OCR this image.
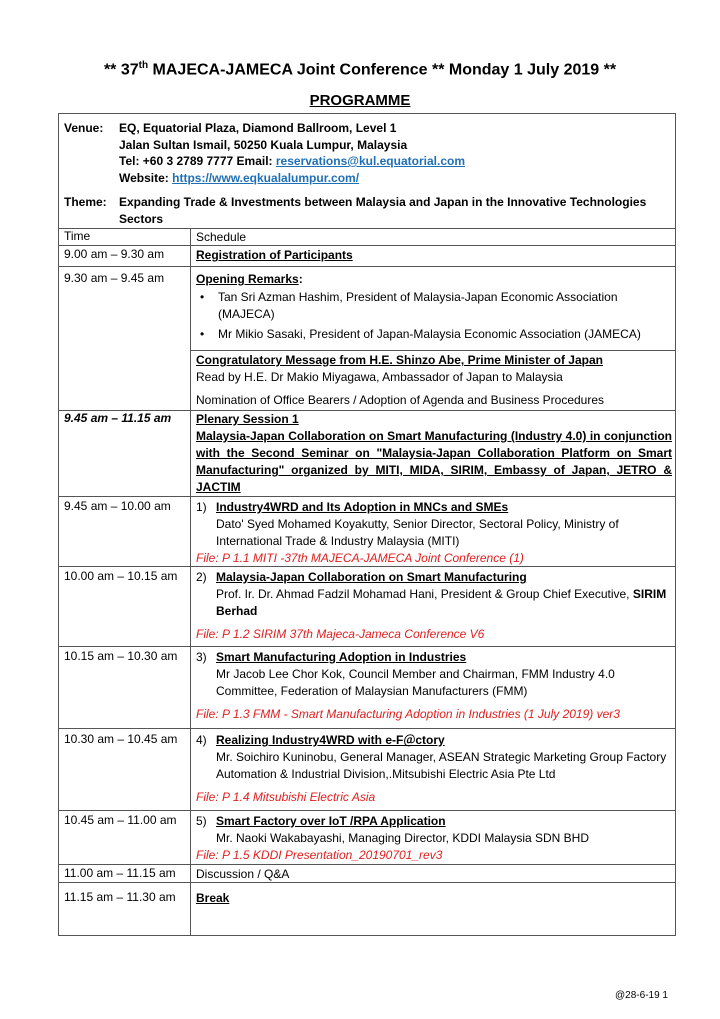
** 37th MAJECA-JAMECA Joint Conference ** Monday 1 July 2019 **
PROGRAMME
Venue:	EQ, Equatorial Plaza, Diamond Ballroom, Level 1
Jalan Sultan Ismail, 50250 Kuala Lumpur, Malaysia
Tel: +60 3 2789 7777 Email: reservations@kul.equatorial.com
Website: https://www.eqkualalumpur.com/
Theme:	Expanding Trade & Investments between Malaysia and Japan in the Innovative Technologies Sectors
Time	Schedule
9.00 am – 9.30 am	Registration of Participants
9.30 am – 9.45 am	Opening Remarks:
• Tan Sri Azman Hashim, President of Malaysia-Japan Economic Association (MAJECA)
• Mr Mikio Sasaki, President of Japan-Malaysia Economic Association (JAMECA)
Congratulatory Message from H.E. Shinzo Abe, Prime Minister of Japan
Read by H.E. Dr Makio Miyagawa, Ambassador of Japan to Malaysia
Nomination of Office Bearers / Adoption of Agenda and Business Procedures
9.45 am – 11.15 am	Plenary Session 1
Malaysia-Japan Collaboration on Smart Manufacturing (Industry 4.0) in conjunction with the Second Seminar on "Malaysia-Japan Collaboration Platform on Smart Manufacturing" organized by MITI, MIDA, SIRIM, Embassy of Japan, JETRO & JACTIM
9.45 am – 10.00 am	1) Industry4WRD and Its Adoption in MNCs and SMEs
Dato' Syed Mohamed Koyakutty, Senior Director, Sectoral Policy, Ministry of International Trade & Industry Malaysia (MITI)
File: P 1.1 MITI -37th MAJECA-JAMECA Joint Conference (1)
10.00 am – 10.15 am	2) Malaysia-Japan Collaboration on Smart Manufacturing
Prof. Ir. Dr. Ahmad Fadzil Mohamad Hani, President & Group Chief Executive, SIRIM Berhad
File: P 1.2 SIRIM 37th Majeca-Jameca Conference V6
10.15 am – 10.30 am	3) Smart Manufacturing Adoption in Industries
Mr Jacob Lee Chor Kok, Council Member and Chairman, FMM Industry 4.0 Committee, Federation of Malaysian Manufacturers (FMM)
File: P 1.3 FMM - Smart Manufacturing Adoption in Industries (1 July 2019) ver3
10.30 am – 10.45 am	4) Realizing Industry4WRD with e-F＠ctory
Mr. Soichiro Kuninobu, General Manager, ASEAN Strategic Marketing Group Factory Automation & Industrial Division,.Mitsubishi Electric Asia Pte Ltd
File: P 1.4 Mitsubishi Electric Asia
10.45 am – 11.00 am	5) Smart Factory over IoT /RPA Application
Mr. Naoki Wakabayashi, Managing Director, KDDI Malaysia SDN BHD
File: P 1.5 KDDI Presentation_20190701_rev3
11.00 am – 11.15 am	Discussion / Q&A
11.15 am – 11.30 am	Break
@28-6-19 1
